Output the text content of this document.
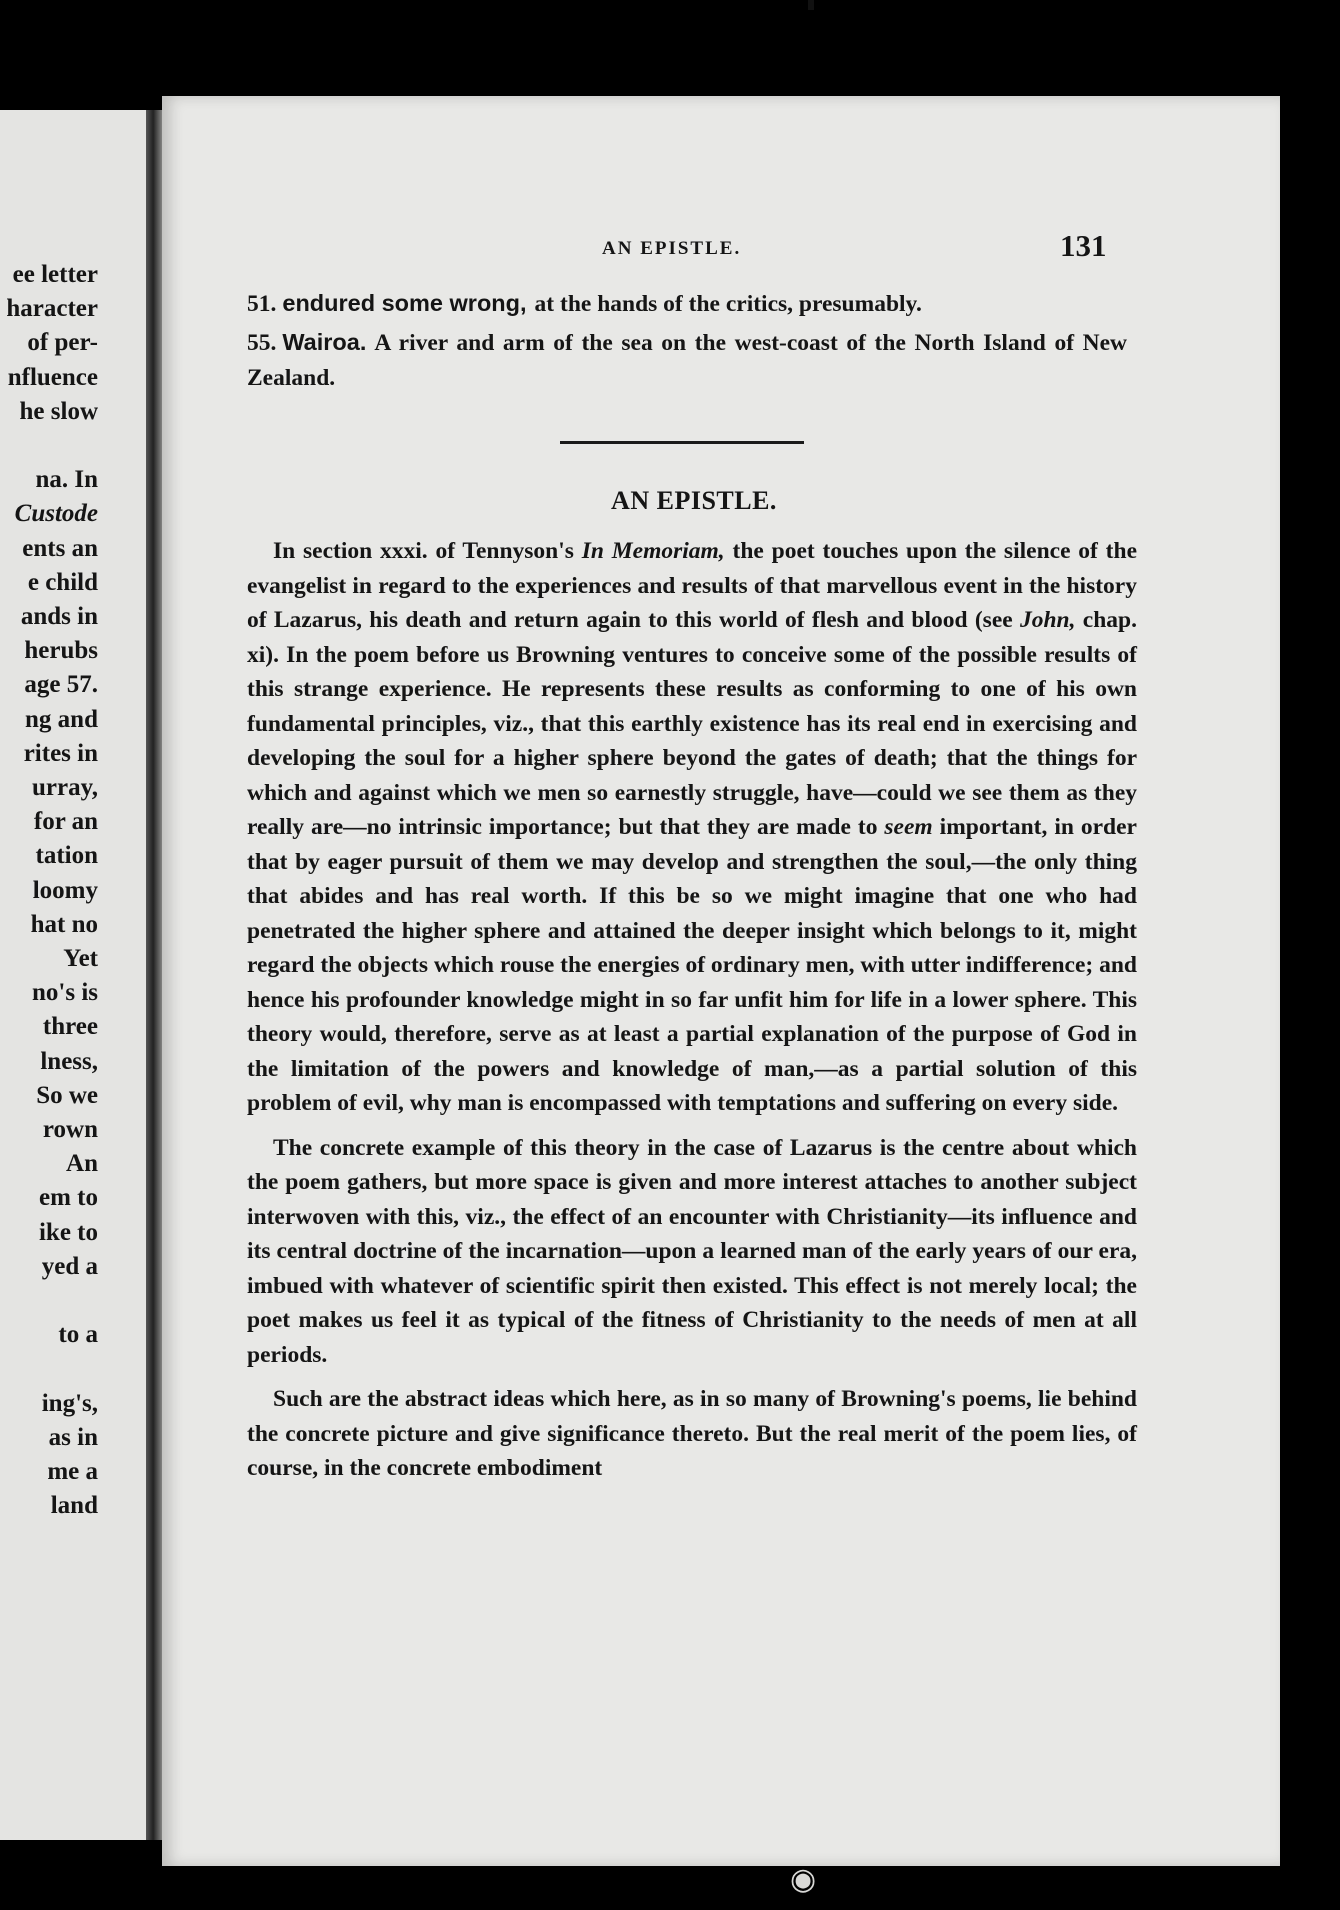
ee letter
haracter
of per-
nfluence
he slow
na. In
Custode
ents an
e child
ands in
herubs
age 57.
ng and
rites in
urray,
for an
tation
loomy
hat no
Yet
no's is
three
lness,
So we
rown
An
em to
ike to
yed a
to a
ing's,
as in
me a
land
AN EPISTLE.	131

51. endured some wrong, at the hands of the critics, presumably.

55. Wairoa. A river and arm of the sea on the west-coast of the North Island of New Zealand.

AN EPISTLE.

In section xxxi. of Tennyson's In Memoriam, the poet touches upon the silence of the evangelist in regard to the experiences and results of that marvellous event in the history of Lazarus, his death and return again to this world of flesh and blood (see John, chap. xi). In the poem before us Browning ventures to conceive some of the possible results of this strange experience. He represents these results as conforming to one of his own fundamental principles, viz., that this earthly existence has its real end in exercising and developing the soul for a higher sphere beyond the gates of death; that the things for which and against which we men so earnestly struggle, have—could we see them as they really are—no intrinsic importance; but that they are made to seem important, in order that by eager pursuit of them we may develop and strengthen the soul,—the only thing that abides and has real worth. If this be so we might imagine that one who had penetrated the higher sphere and attained the deeper insight which belongs to it, might regard the objects which rouse the energies of ordinary men, with utter indifference; and hence his profounder knowledge might in so far unfit him for life in a lower sphere. This theory would, therefore, serve as at least a partial explanation of the purpose of God in the limitation of the powers and knowledge of man,—as a partial solution of this problem of evil, why man is encompassed with temptations and suffering on every side.

The concrete example of this theory in the case of Lazarus is the centre about which the poem gathers, but more space is given and more interest attaches to another subject interwoven with this, viz., the effect of an encounter with Christianity—its influence and its central doctrine of the incarnation—upon a learned man of the early years of our era, imbued with whatever of scientific spirit then existed. This effect is not merely local; the poet makes us feel it as typical of the fitness of Christianity to the needs of men at all periods.

Such are the abstract ideas which here, as in so many of Browning's poems, lie behind the concrete picture and give significance thereto. But the real merit of the poem lies, of course, in the concrete embodiment

◉
